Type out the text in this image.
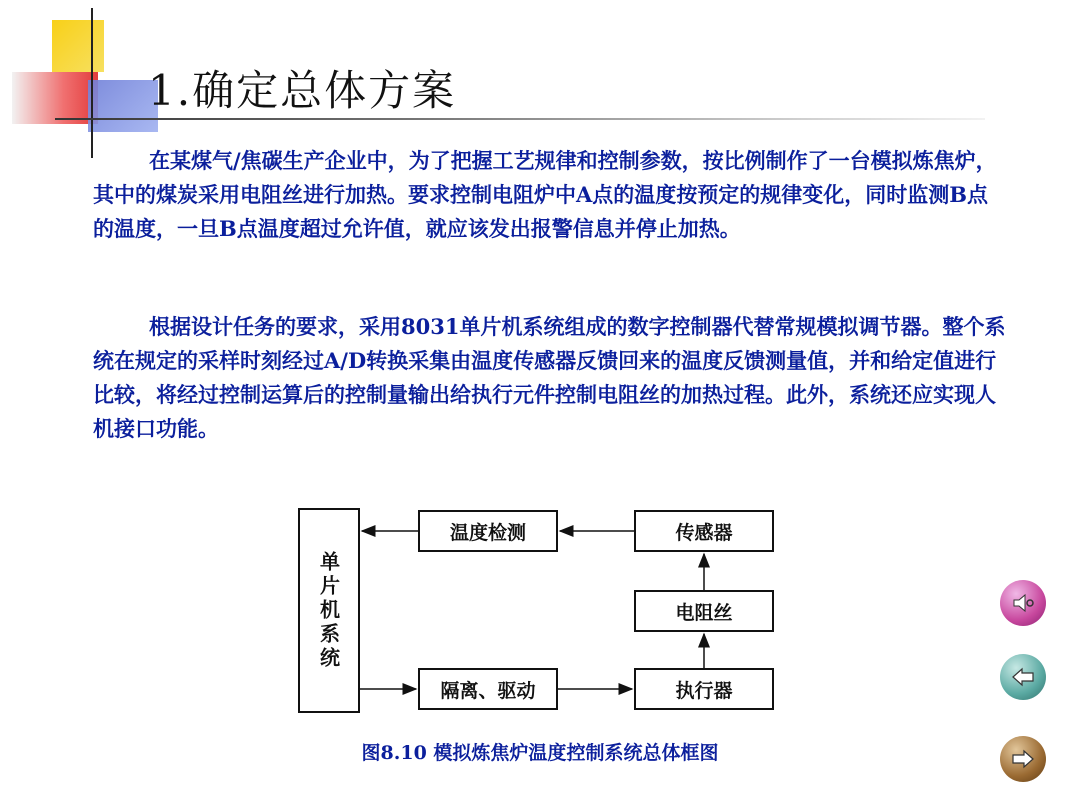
1.确定总体方案

在某煤气/焦碳生产企业中，为了把握工艺规律和控制参数，按比例制作了一台模拟炼焦炉，其中的煤炭采用电阻丝进行加热。要求控制电阻炉中A点的温度按预定的规律变化，同时监测B点的温度，一旦B点温度超过允许值，就应该发出报警信息并停止加热。

根据设计任务的要求，采用8031单片机系统组成的数字控制器代替常规模拟调节器。整个系统在规定的采样时刻经过A/D转换采集由温度传感器反馈回来的温度反馈测量值，并和给定值进行比较，将经过控制运算后的控制量输出给执行元件控制电阻丝的加热过程。此外，系统还应实现人机接口功能。

单片机系统
温度检测	传感器
电阻丝
隔离、驱动	执行器
图8.10 模拟炼焦炉温度控制系统总体框图
